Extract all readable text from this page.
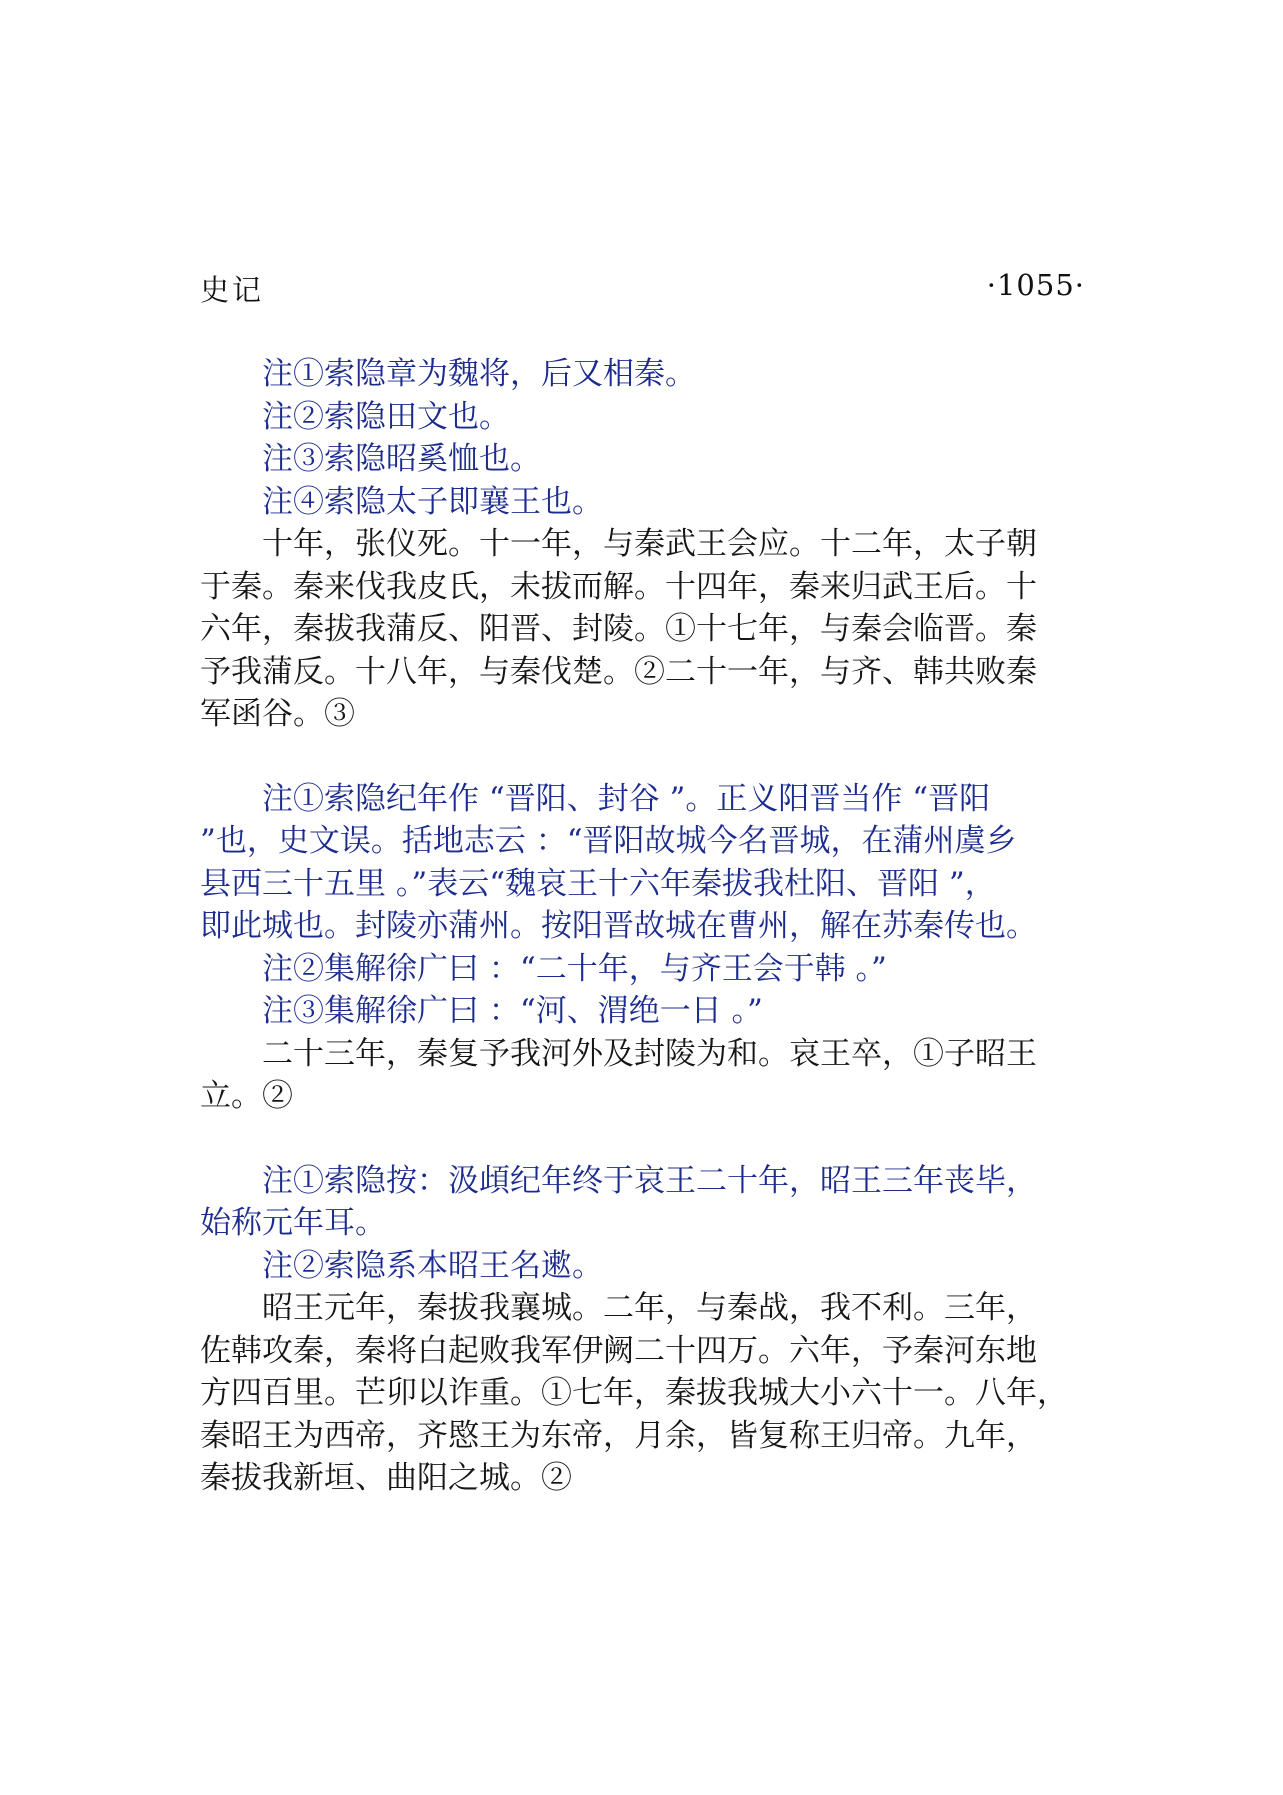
史记	·1055·

　　注①索隐章为魏将，后又相秦。

　　注②索隐田文也。

　　注③索隐昭奚恤也。

　　注④索隐太子即襄王也。

　　十年，张仪死。十一年，与秦武王会应。十二年，太子朝

于秦。秦来伐我皮氏，未拔而解。十四年，秦来归武王后。十

六年，秦拔我蒲反、阳晋、封陵。①十七年，与秦会临晋。秦

予我蒲反。十八年，与秦伐楚。②二十一年，与齐、韩共败秦

军函谷。③

　　注①索隐纪年作 “晋阳、封谷 ”。正义阳晋当作 “晋阳

”也，史文误。括地志云 ：“晋阳故城今名晋城，在蒲州虞乡

县西三十五里 。”表云“魏哀王十六年秦拔我杜阳、晋阳 ”，

即此城也。封陵亦蒲州。按阳晋故城在曹州，解在苏秦传也。

　　注②集解徐广曰 ：“二十年，与齐王会于韩 。”

　　注③集解徐广曰 ：“河、渭绝一日 。”

　　二十三年，秦复予我河外及封陵为和。哀王卒，①子昭王

立。②

　　注①索隐按：汲頉纪年终于哀王二十年，昭王三年丧毕，

始称元年耳。

　　注②索隐系本昭王名遬。

　　昭王元年，秦拔我襄城。二年，与秦战，我不利。三年，

佐韩攻秦，秦将白起败我军伊阙二十四万。六年，予秦河东地

方四百里。芒卯以诈重。①七年，秦拔我城大小六十一。八年，

秦昭王为西帝，齐愍王为东帝，月余，皆复称王归帝。九年，

秦拔我新垣、曲阳之城。②
